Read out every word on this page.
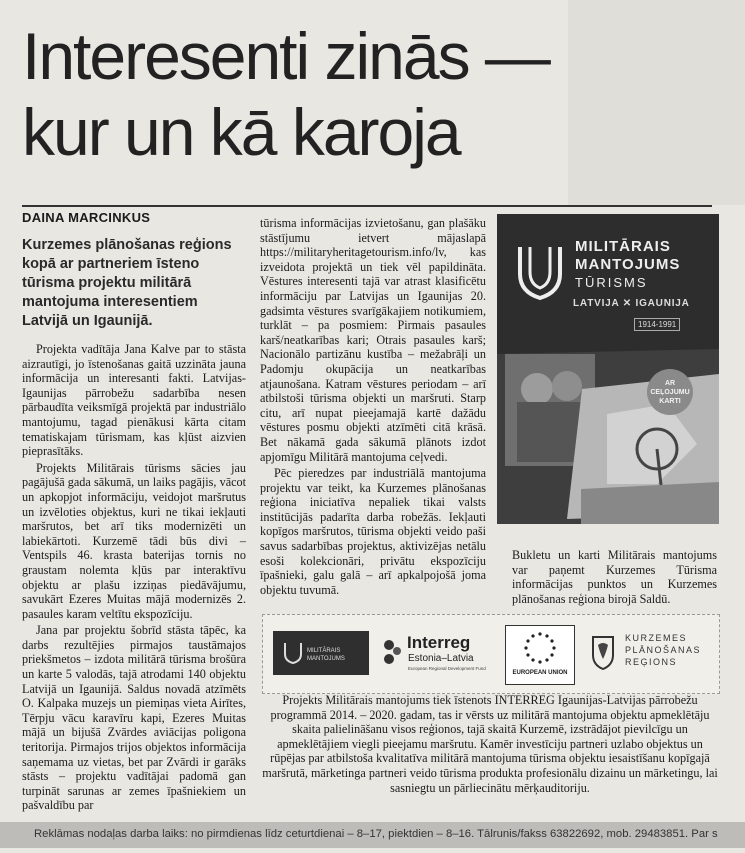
Interesenti zinās —
kur un kā karoja
DAINA MARCINKUS
Kurzemes plānošanas reģions kopā ar partneriem īsteno tūrisma projektu militārā mantojuma interesentiem Latvijā un Igaunijā.

Projekta vadītāja Jana Kalve par to stāsta aizrautīgi, jo īstenošanas gaitā uzzināta jauna informācija un interesanti fakti. Latvijas-Igaunijas pārrobežu sadarbība nesen pārbaudīta veiksmīgā projektā par industriālo mantojumu, tagad pienākusi kārta citam tematiskajam tūrismam, kas kļūst aizvien pieprasītāks.

Projekts Militārais tūrisms sācies jau pagājušā gada sākumā, un laiks pagājis, vācot un apkopjot informāciju, veidojot maršrutus un izvēloties objektus, kuri ne tikai iekļauti maršrutos, bet arī tiks modernizēti un labiekārtoti. Kurzemē tādi būs divi – Ventspils 46. krasta baterijas tornis no graustam nolemta kļūs par interaktīvu objektu ar plašu izziņas piedāvājumu, savukārt Ezeres Muitas mājā modernizēs 2. pasaules karam veltītu ekspozīciju.

Jana par projektu šobrīd stāsta tāpēc, ka darbs rezultējies pirmajos taustāmajos priekšmetos – izdota militārā tūrisma brošūra un karte 5 valodās, tajā atrodami 140 objektu Latvijā un Igaunijā. Saldus novadā atzīmēts O. Kalpaka muzejs un piemiņas vieta Airītes, Tērpju vācu karavīru kapi, Ezeres Muitas mājā un bijušā Zvārdes aviācijas poligona teritorija. Pirmajos trijos objektos informācija saņemama uz vietas, bet par Zvārdi ir garāks stāsts – projektu vadītājai padomā gan turpināt sarunas ar zemes īpašniekiem un pašvaldību par

tūrisma informācijas izvietošanu, gan plašāku stāstījumu ietvert mājaslapā https://militaryheritagetourism.info/lv, kas izveidota projektā un tiek vēl papildināta. Vēstures interesenti tajā var atrast klasificētu informāciju par Latvijas un Igaunijas 20. gadsimta vēstures svarīgākajiem notikumiem, turklāt – pa posmiem: Pirmais pasaules karš/neatkarības kari; Otrais pasaules karš; Nacionālo partizānu kustība – mežabrāļi un Padomju okupācija un neatkarības atjaunošana. Katram vēstures periodam – arī atbilstoši tūrisma objekti un maršruti. Starp citu, arī nupat pieejamajā kartē dažādu vēstures posmu objekti atzīmēti citā krāsā. Bet nākamā gada sākumā plānots izdot apjomīgu Militārā mantojuma ceļvedi.

Pēc pieredzes par industriālā mantojuma projektu var teikt, ka Kurzemes plānošanas reģiona iniciatīva nepaliek tikai valsts institūcijās padarīta darba robežās. Iekļauti kopīgos maršrutos, tūrisma objekti veido paši savus sadarbības projektus, aktivizējas netālu esoši kolekcionāri, privātu ekspozīciju īpašnieki, galu galā – arī apkalpojošā joma objektu tuvumā.

MILITĀRAIS
MANTOJUMS
TŪRISMS
LATVIJA ✕ IGAUNIJA
1914-1991
AR CEĻOJUMU KARTI
Bukletu un karti Militārais mantojums var paņemt Kurzemes Tūrisma informācijas punktos un Kurzemes plānošanas reģiona birojā Saldū.
MILITĀRAIS MANTOJUMS
Interreg
Estonia–Latvia
European Regional Development Fund
EUROPEAN UNION
KURZEMES
PLĀNOŠANAS
REĢIONS
Projekts Militārais mantojums tiek īstenots INTERREG Igaunijas-Latvijas pārrobežu programmā 2014. – 2020. gadam, tas ir vērsts uz militārā mantojuma objektu apmeklētāju skaita palielināšanu visos reģionos, tajā skaitā Kurzemē, izstrādājot pievilcīgu un apmeklētājiem viegli pieejamu maršrutu. Kamēr investīciju partneri uzlabo objektus un rūpējas par atbilstoša kvalitatīva militārā mantojuma tūrisma objektu iesaistīšanu kopīgajā maršrutā, mārketinga partneri veido tūrisma produkta profesionālu dizainu un mārketingu, lai sasniegtu un pārliecinātu mērķauditoriju.
Reklāmas nodaļas darba laiks: no pirmdienas līdz ceturtdienai – 8–17, piektdien – 8–16. Tālrunis/fakss 63822692, mob. 29483851. Par s
